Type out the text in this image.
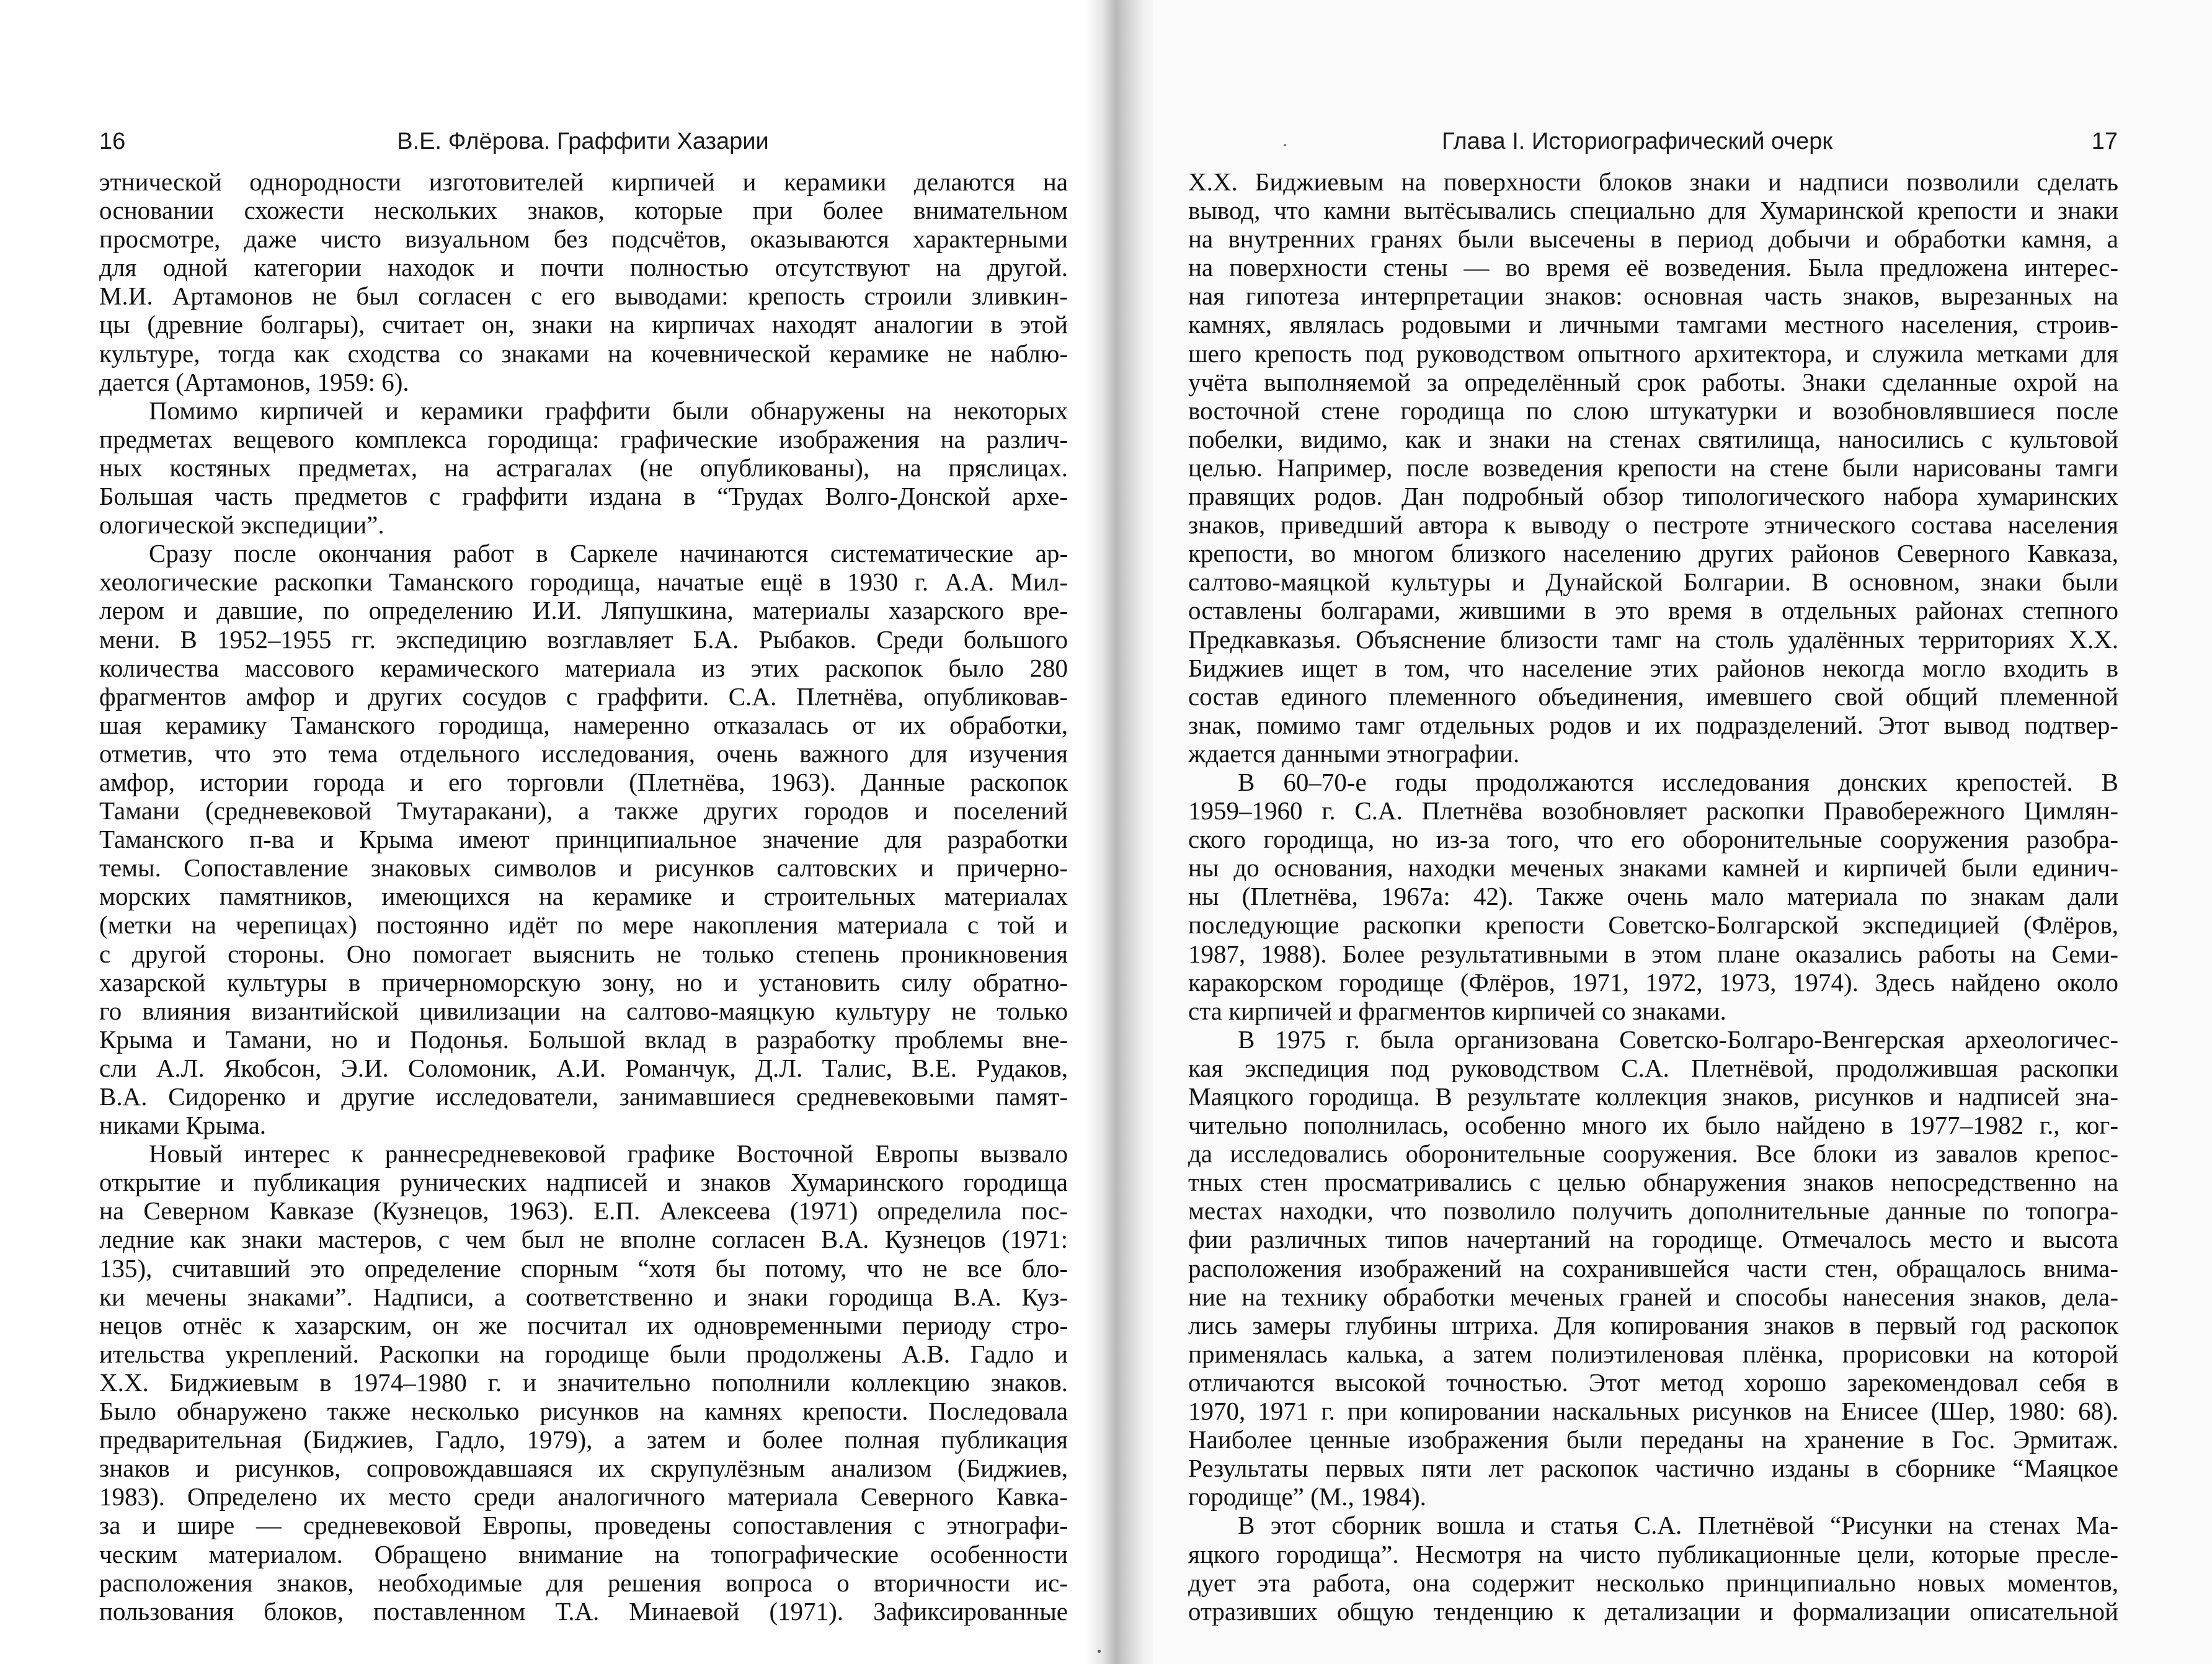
16	В.Е. Флёрова. Граффити Хазарии	Глава I. Историографический очерк	17
этнической однородности изготовителей кирпичей и керамики делаются на
основании схожести нескольких знаков, которые при более внимательном
просмотре, даже чисто визуальном без подсчётов, оказываются характерными
для одной категории находок и почти полностью отсутствуют на другой.
М.И. Артамонов не был согласен с его выводами: крепость строили зливкин-
цы (древние болгары), считает он, знаки на кирпичах находят аналогии в этой
культуре, тогда как сходства со знаками на кочевнической керамике не наблю-
дается (Артамонов, 1959: 6).
Помимо кирпичей и керамики граффити были обнаружены на некоторых
предметах вещевого комплекса городища: графические изображения на различ-
ных костяных предметах, на астрагалах (не опубликованы), на пряслицах.
Большая часть предметов с граффити издана в “Трудах Волго-Донской архе-
ологической экспедиции”.
Сразу после окончания работ в Саркеле начинаются систематические ар-
хеологические раскопки Таманского городища, начатые ещё в 1930 г. А.А. Мил-
лером и давшие, по определению И.И. Ляпушкина, материалы хазарского вре-
мени. В 1952–1955 гг. экспедицию возглавляет Б.А. Рыбаков. Среди большого
количества массового керамического материала из этих раскопок было 280
фрагментов амфор и других сосудов с граффити. С.А. Плетнёва, опубликовав-
шая керамику Таманского городища, намеренно отказалась от их обработки,
отметив, что это тема отдельного исследования, очень важного для изучения
амфор, истории города и его торговли (Плетнёва, 1963). Данные раскопок
Тамани (средневековой Тмутаракани), а также других городов и поселений
Таманского п-ва и Крыма имеют принципиальное значение для разработки
темы. Сопоставление знаковых символов и рисунков салтовских и причерно-
морских памятников, имеющихся на керамике и строительных материалах
(метки на черепицах) постоянно идёт по мере накопления материала с той и
с другой стороны. Оно помогает выяснить не только степень проникновения
хазарской культуры в причерноморскую зону, но и установить силу обратно-
го влияния византийской цивилизации на салтово-маяцкую культуру не только
Крыма и Тамани, но и Подонья. Большой вклад в разработку проблемы вне-
сли А.Л. Якобсон, Э.И. Соломоник, А.И. Романчук, Д.Л. Талис, В.Е. Рудаков,
В.А. Сидоренко и другие исследователи, занимавшиеся средневековыми памят-
никами Крыма.
Новый интерес к раннесредневековой графике Восточной Европы вызвало
открытие и публикация рунических надписей и знаков Хумаринского городища
на Северном Кавказе (Кузнецов, 1963). Е.П. Алексеева (1971) определила пос-
ледние как знаки мастеров, с чем был не вполне согласен В.А. Кузнецов (1971:
135), считавший это определение спорным “хотя бы потому, что не все бло-
ки мечены знаками”. Надписи, а соответственно и знаки городища В.А. Куз-
нецов отнёс к хазарским, он же посчитал их одновременными периоду стро-
ительства укреплений. Раскопки на городище были продолжены А.В. Гадло и
Х.Х. Биджиевым в 1974–1980 г. и значительно пополнили коллекцию знаков.
Было обнаружено также несколько рисунков на камнях крепости. Последовала
предварительная (Биджиев, Гадло, 1979), а затем и более полная публикация
знаков и рисунков, сопровождавшаяся их скрупулёзным анализом (Биджиев,
1983). Определено их место среди аналогичного материала Северного Кавка-
за и шире — средневековой Европы, проведены сопоставления с этнографи-
ческим материалом. Обращено внимание на топографические особенности
расположения знаков, необходимые для решения вопроса о вторичности ис-
пользования блоков, поставленном Т.А. Минаевой (1971). Зафиксированные
Х.Х. Биджиевым на поверхности блоков знаки и надписи позволили сделать
вывод, что камни вытёсывались специально для Хумаринской крепости и знаки
на внутренних гранях были высечены в период добычи и обработки камня, а
на поверхности стены — во время её возведения. Была предложена интерес-
ная гипотеза интерпретации знаков: основная часть знаков, вырезанных на
камнях, являлась родовыми и личными тамгами местного населения, строив-
шего крепость под руководством опытного архитектора, и служила метками для
учёта выполняемой за определённый срок работы. Знаки сделанные охрой на
восточной стене городища по слою штукатурки и возобновлявшиеся после
побелки, видимо, как и знаки на стенах святилища, наносились с культовой
целью. Например, после возведения крепости на стене были нарисованы тамги
правящих родов. Дан подробный обзор типологического набора хумаринских
знаков, приведший автора к выводу о пестроте этнического состава населения
крепости, во многом близкого населению других районов Северного Кавказа,
салтово-маяцкой культуры и Дунайской Болгарии. В основном, знаки были
оставлены болгарами, жившими в это время в отдельных районах степного
Предкавказья. Объяснение близости тамг на столь удалённых территориях Х.Х.
Биджиев ищет в том, что население этих районов некогда могло входить в
состав единого племенного объединения, имевшего свой общий племенной
знак, помимо тамг отдельных родов и их подразделений. Этот вывод подтвер-
ждается данными этнографии.
В 60–70-е годы продолжаются исследования донских крепостей. В
1959–1960 г. С.А. Плетнёва возобновляет раскопки Правобережного Цимлян-
ского городища, но из-за того, что его оборонительные сооружения разобра-
ны до основания, находки меченых знаками камней и кирпичей были единич-
ны (Плетнёва, 1967а: 42). Также очень мало материала по знакам дали
последующие раскопки крепости Советско-Болгарской экспедицией (Флёров,
1987, 1988). Более результативными в этом плане оказались работы на Семи-
каракорском городище (Флёров, 1971, 1972, 1973, 1974). Здесь найдено около
ста кирпичей и фрагментов кирпичей со знаками.
В 1975 г. была организована Советско-Болгаро-Венгерская археологичес-
кая экспедиция под руководством С.А. Плетнёвой, продолжившая раскопки
Маяцкого городища. В результате коллекция знаков, рисунков и надписей зна-
чительно пополнилась, особенно много их было найдено в 1977–1982 г., ког-
да исследовались оборонительные сооружения. Все блоки из завалов крепос-
тных стен просматривались с целью обнаружения знаков непосредственно на
местах находки, что позволило получить дополнительные данные по топогра-
фии различных типов начертаний на городище. Отмечалось место и высота
расположения изображений на сохранившейся части стен, обращалось внима-
ние на технику обработки меченых граней и способы нанесения знаков, дела-
лись замеры глубины штриха. Для копирования знаков в первый год раскопок
применялась калька, а затем полиэтиленовая плёнка, прорисовки на которой
отличаются высокой точностью. Этот метод хорошо зарекомендовал себя в
1970, 1971 г. при копировании наскальных рисунков на Енисее (Шер, 1980: 68).
Наиболее ценные изображения были переданы на хранение в Гос. Эрмитаж.
Результаты первых пяти лет раскопок частично изданы в сборнике “Маяцкое
городище” (М., 1984).
В этот сборник вошла и статья С.А. Плетнёвой “Рисунки на стенах Ма-
яцкого городища”. Несмотря на чисто публикационные цели, которые пресле-
дует эта работа, она содержит несколько принципиально новых моментов,
отразивших общую тенденцию к детализации и формализации описательной
